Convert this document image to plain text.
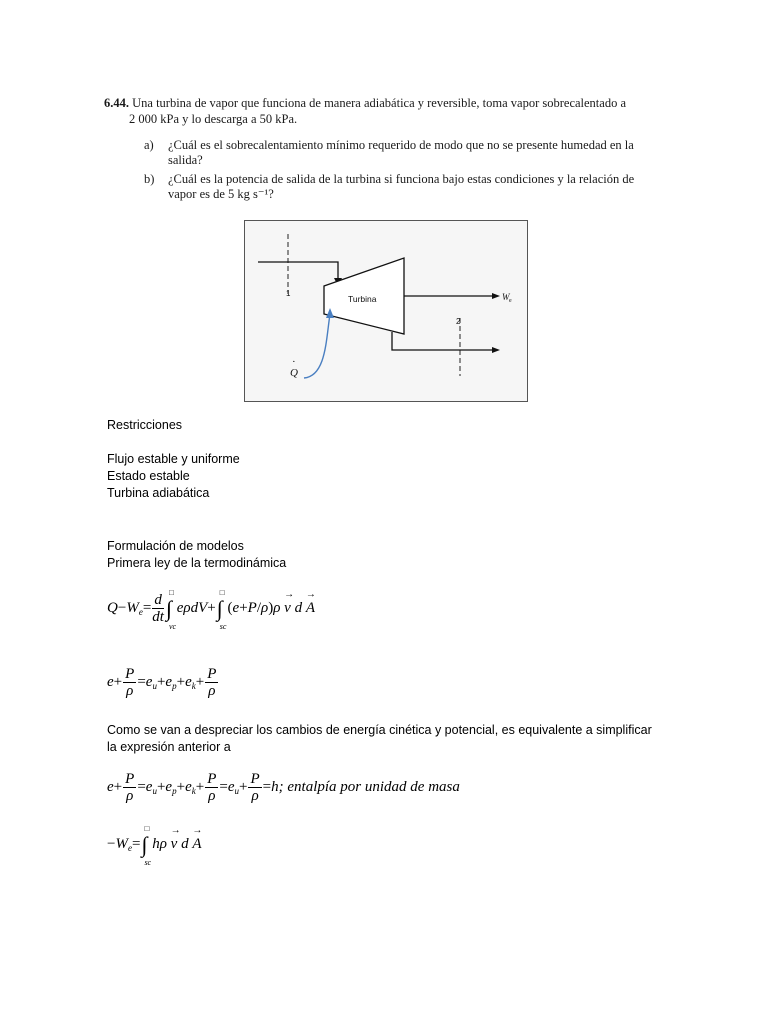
6.44. Una turbina de vapor que funciona de manera adiabática y reversible, toma vapor sobrecalentado a
2 000 kPa y lo descarga a 50 kPa.
a) ¿Cuál es el sobrecalentamiento mínimo requerido de modo que no se presente humedad en la
salida?
b) ¿Cuál es la potencia de salida de la turbina si funciona bajo estas condiciones y la relación de
vapor es de 5 kg s⁻¹?
Turbina	W e
1
2
Q
·
Restricciones
Flujo estable y uniforme
Estado estable
Turbina adiabática
Formulación de modelos
Primera ley de la termodinámica
$Q-W_e= \frac{d}{dt}$ ∫
□
vc
eρdV+∫
□
sc
(e+P/ρ)ρ → v d → A
$e+ \frac{P}{\rho} =e_u+e_p+e_k+ \frac{P}{\rho}$
Como se van a despreciar los cambios de energía cinética y potencial, es equivalente a simplificar
la expresión anterior a
$e+ \frac{P}{\rho} =e_u+e_p+e_k+ \frac{P}{\rho} =e_u+ \frac{P}{\rho} =h$; entalpía por unidad de masa
$-W_e=\int$
□
sc
hρ → v d → A
